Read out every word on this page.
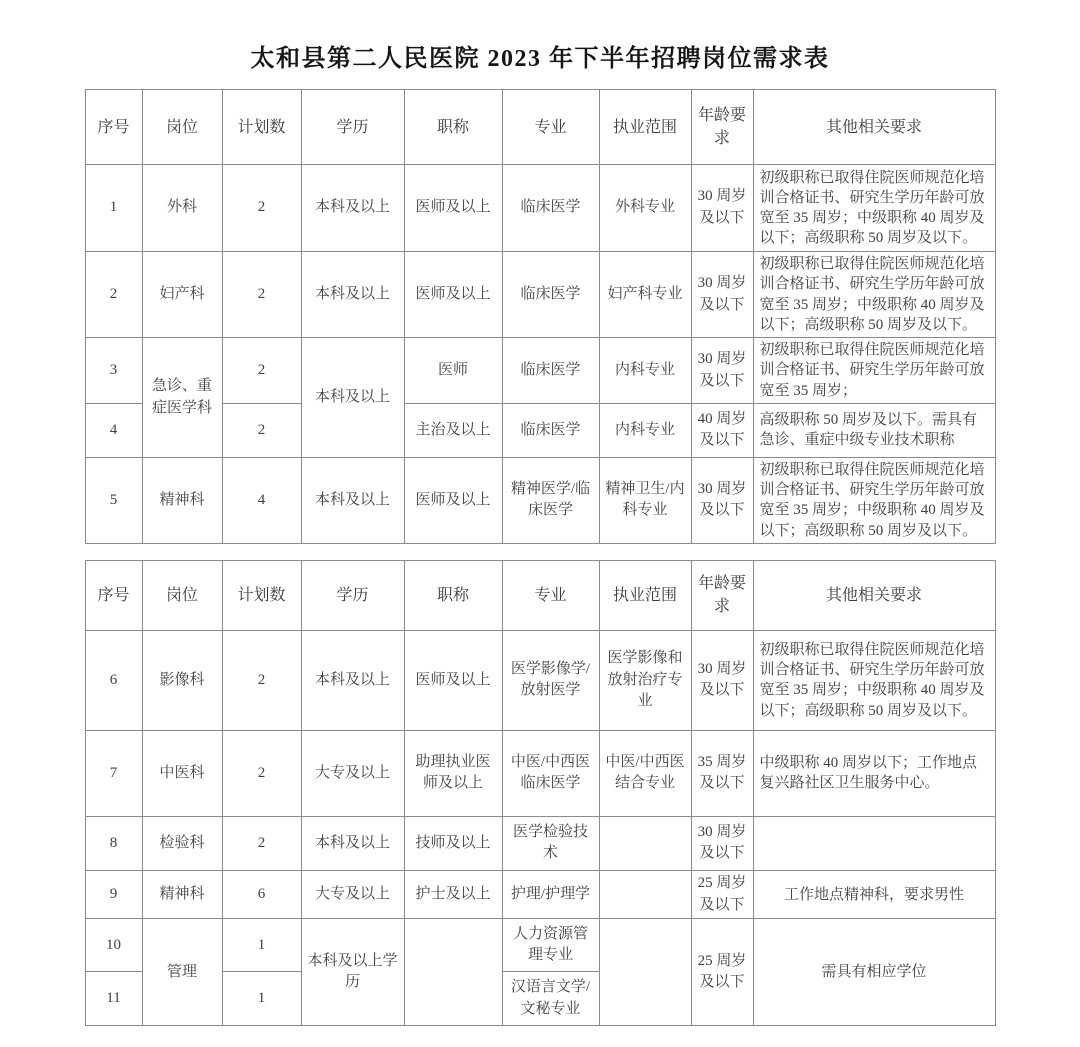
太和县第二人民医院 2023 年下半年招聘岗位需求表
序号	岗位	计划数	学历	职称	专业	执业范围	年龄要求	其他相关要求
1	外科	2	本科及以上	医师及以上	临床医学	外科专业	30 周岁及以下	初级职称已取得住院医师规范化培训合格证书、研究生学历年龄可放宽至 35 周岁；中级职称 40 周岁及以下；高级职称 50 周岁及以下。
2	妇产科	2	本科及以上	医师及以上	临床医学	妇产科专业	30 周岁及以下	初级职称已取得住院医师规范化培训合格证书、研究生学历年龄可放宽至 35 周岁；中级职称 40 周岁及以下；高级职称 50 周岁及以下。
3	急诊、重症医学科	2	本科及以上	医师	临床医学	内科专业	30 周岁及以下	初级职称已取得住院医师规范化培训合格证书、研究生学历年龄可放宽至 35 周岁；
4		2		主治及以上	临床医学	内科专业	40 周岁及以下	高级职称 50 周岁及以下。需具有急诊、重症中级专业技术职称
5	精神科	4	本科及以上	医师及以上	精神医学/临床医学	精神卫生/内科专业	30 周岁及以下	初级职称已取得住院医师规范化培训合格证书、研究生学历年龄可放宽至 35 周岁；中级职称 40 周岁及以下；高级职称 50 周岁及以下。
序号	岗位	计划数	学历	职称	专业	执业范围	年龄要求	其他相关要求
6	影像科	2	本科及以上	医师及以上	医学影像学/放射医学	医学影像和放射治疗专业	30 周岁及以下	初级职称已取得住院医师规范化培训合格证书、研究生学历年龄可放宽至 35 周岁；中级职称 40 周岁及以下；高级职称 50 周岁及以下。
7	中医科	2	大专及以上	助理执业医师及以上	中医/中西医临床医学	中医/中西医结合专业	35 周岁及以下	中级职称 40 周岁以下；工作地点复兴路社区卫生服务中心。
8	检验科	2	本科及以上	技师及以上	医学检验技术		30 周岁及以下	
9	精神科	6	大专及以上	护士及以上	护理/护理学		25 周岁及以下	工作地点精神科，要求男性
10	管理	1	本科及以上学历		人力资源管理专业		25 周岁及以下	需具有相应学位
11		1			汉语言文学/文秘专业			
